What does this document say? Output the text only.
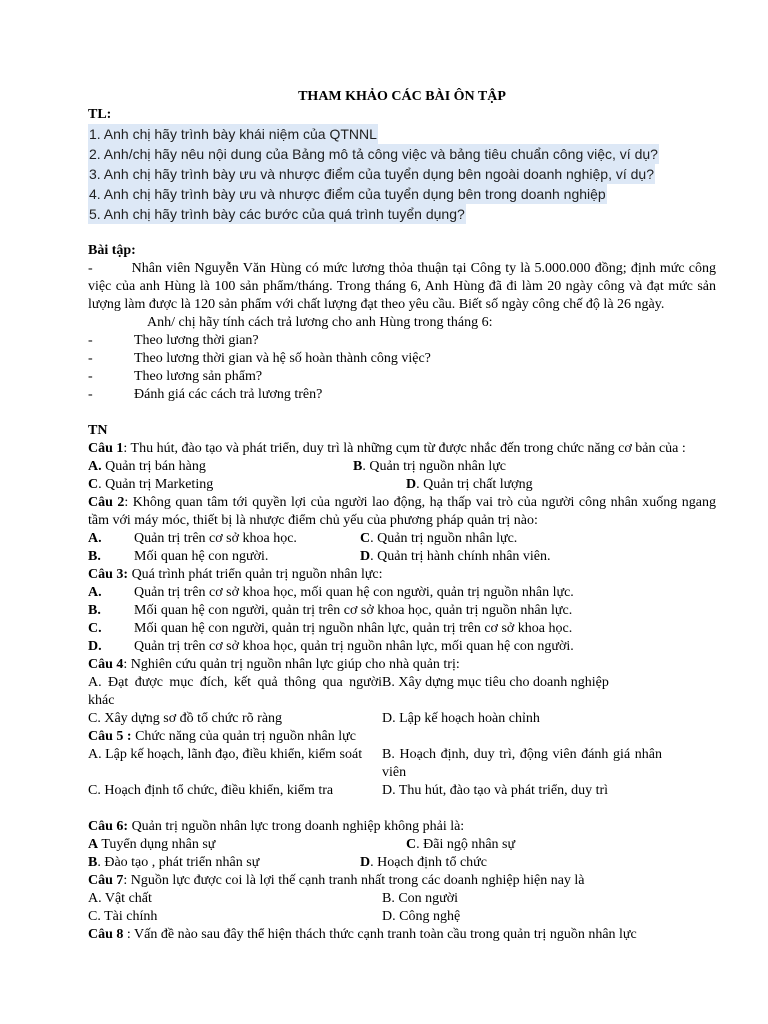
THAM KHẢO CÁC BÀI ÔN TẬP
TL:
1. Anh chị hãy trình bày khái niệm của QTNNL
2. Anh/chị hãy nêu nội dung của Bảng mô tả công việc và bảng tiêu chuẩn công việc, ví dụ?
3. Anh chị hãy trình bày ưu và nhược điểm của tuyển dụng bên ngoài doanh nghiệp, ví dụ?
4. Anh chị hãy trình bày ưu và nhược điểm của tuyển dụng bên trong doanh nghiệp
5. Anh chị hãy trình bày các bước của quá trình tuyển dụng?
Bài tập:
-	Nhân viên Nguyễn Văn Hùng có mức lương thỏa thuận tại Công ty là 5.000.000 đồng; định mức công việc của anh Hùng là 100 sản phẩm/tháng. Trong tháng 6, Anh Hùng đã đi làm 20 ngày công và đạt mức sản lượng làm được là 120 sản phẩm với chất lượng đạt theo yêu cầu. Biết số ngày công chế độ là 26 ngày.
Anh/ chị hãy tính cách trả lương cho anh Hùng trong tháng 6:
-	Theo lương thời gian?
-	Theo lương thời gian và hệ số hoàn thành công việc?
-	Theo lương sản phẩm?
-	Đánh giá các cách trả lương trên?
TN
Câu 1: Thu hút, đào tạo và phát triển, duy trì là những cụm từ được nhắc đến trong chức năng cơ bản của :
A. Quản trị bán hàng	B. Quản trị nguồn nhân lực
C. Quản trị Marketing	D. Quản trị chất lượng
Câu 2: Không quan tâm tới quyền lợi của người lao động, hạ thấp vai trò của người công nhân xuống ngang tầm với máy móc, thiết bị là nhược điểm chủ yếu của phương pháp quản trị nào:
A.	Quản trị trên cơ sở khoa học.	C. Quản trị nguồn nhân lực.
B.	Mối quan hệ con người.	D. Quản trị hành chính nhân viên.
Câu 3: Quá trình phát triển quản trị nguồn nhân lực:
A.	Quản trị trên cơ sở khoa học, mối quan hệ con người, quản trị nguồn nhân lực.
B.	Mối quan hệ con người, quản trị trên cơ sở khoa học, quản trị nguồn nhân lực.
C.	Mối quan hệ con người, quản trị nguồn nhân lực, quản trị trên cơ sở khoa học.
D.	Quản trị trên cơ sở khoa học, quản trị nguồn nhân lực, mối quan hệ con người.
Câu 4: Nghiên cứu quản trị nguồn nhân lực giúp cho nhà quản trị:
A. Đạt được mục đích, kết quả thông qua người khác
B. Xây dựng mục tiêu cho doanh nghiệp
C. Xây dựng sơ đồ tổ chức rõ ràng	D. Lập kế hoạch hoàn chỉnh
Câu 5 : Chức năng của quản trị nguồn nhân lực
A. Lập kế hoạch, lãnh đạo, điều khiển, kiểm soát	B. Hoạch định, duy trì, động viên đánh giá nhân viên
C. Hoạch định tổ chức, điều khiển, kiểm tra	D. Thu hút, đào tạo và phát triển, duy trì
Câu 6: Quản trị nguồn nhân lực trong doanh nghiệp không phải là:
A Tuyển dụng nhân sự	C. Đãi ngộ nhân sự
B. Đào tạo , phát triển nhân sự	D. Hoạch định tổ chức
Câu 7: Nguồn lực được coi là lợi thế cạnh tranh nhất trong các doanh nghiệp hiện nay là
A. Vật chất	B. Con người
C. Tài chính	D. Công nghệ
Câu 8 : Vấn đề nào sau đây thể hiện thách thức cạnh tranh toàn cầu trong quản trị nguồn nhân lực
